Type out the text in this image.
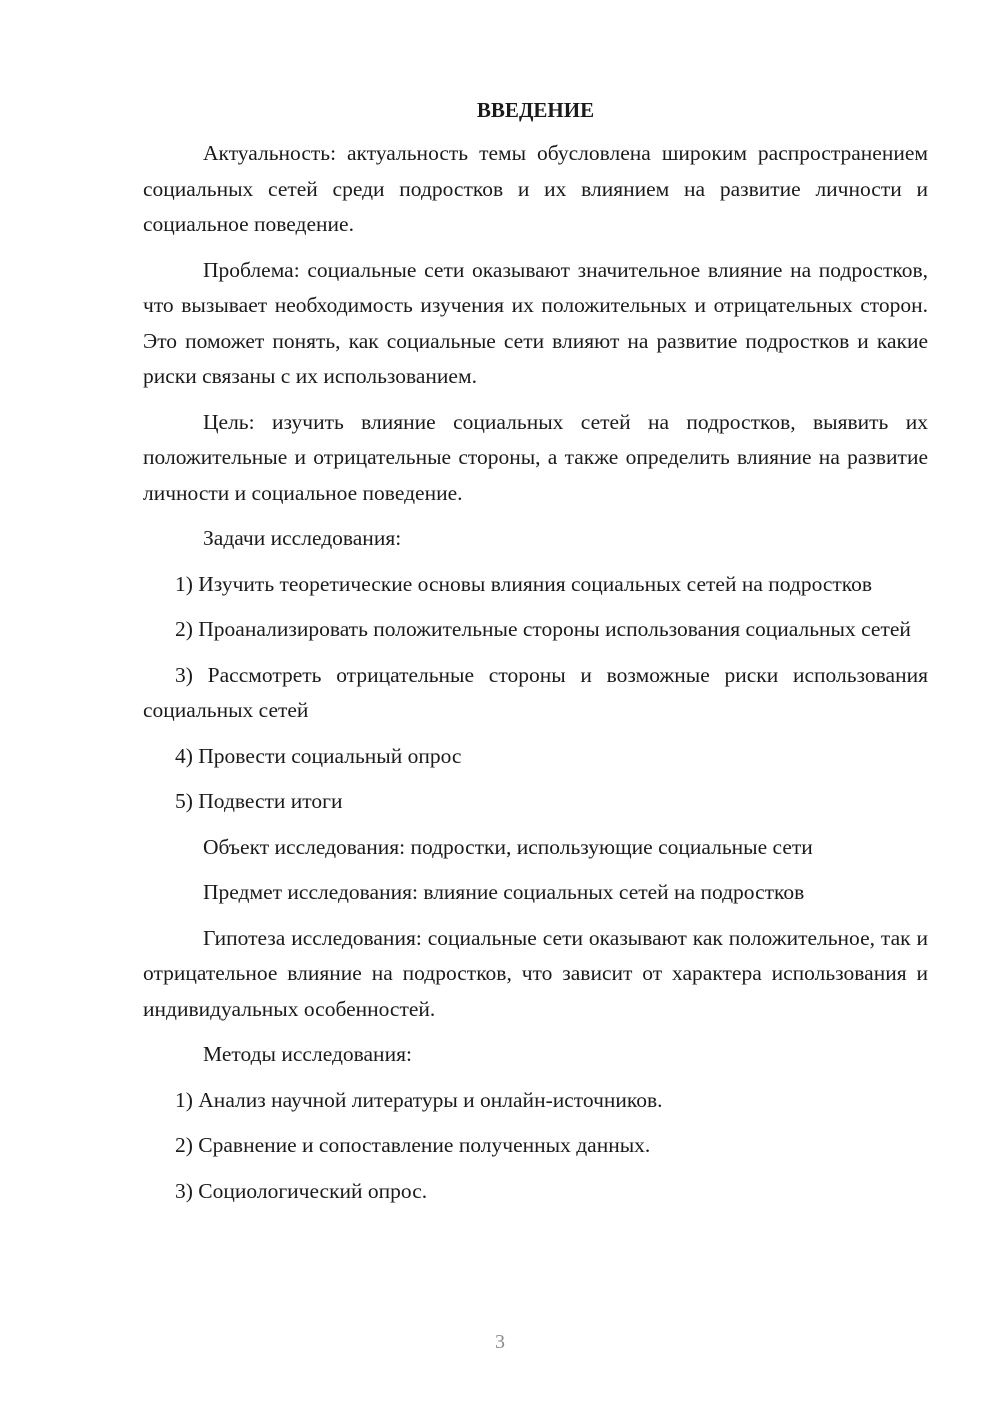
ВВЕДЕНИЕ

Актуальность: актуальность темы обусловлена широким распространением социальных сетей среди подростков и их влиянием на развитие личности и социальное поведение.

Проблема: социальные сети оказывают значительное влияние на подростков, что вызывает необходимость изучения их положительных и отрицательных сторон. Это поможет понять, как социальные сети влияют на развитие подростков и какие риски связаны с их использованием.

Цель: изучить влияние социальных сетей на подростков, выявить их положительные и отрицательные стороны, а также определить влияние на развитие личности и социальное поведение.

Задачи исследования:

1) Изучить теоретические основы влияния социальных сетей на подростков

2) Проанализировать положительные стороны использования социальных сетей

3) Рассмотреть отрицательные стороны и возможные риски использования социальных сетей

4) Провести социальный опрос

5) Подвести итоги

Объект исследования: подростки, использующие социальные сети

Предмет исследования: влияние социальных сетей на подростков

Гипотеза исследования: социальные сети оказывают как положительное, так и отрицательное влияние на подростков, что зависит от характера использования и индивидуальных особенностей.

Методы исследования:

1) Анализ научной литературы и онлайн-источников.

2) Сравнение и сопоставление полученных данных.

3) Социологический опрос.

3
